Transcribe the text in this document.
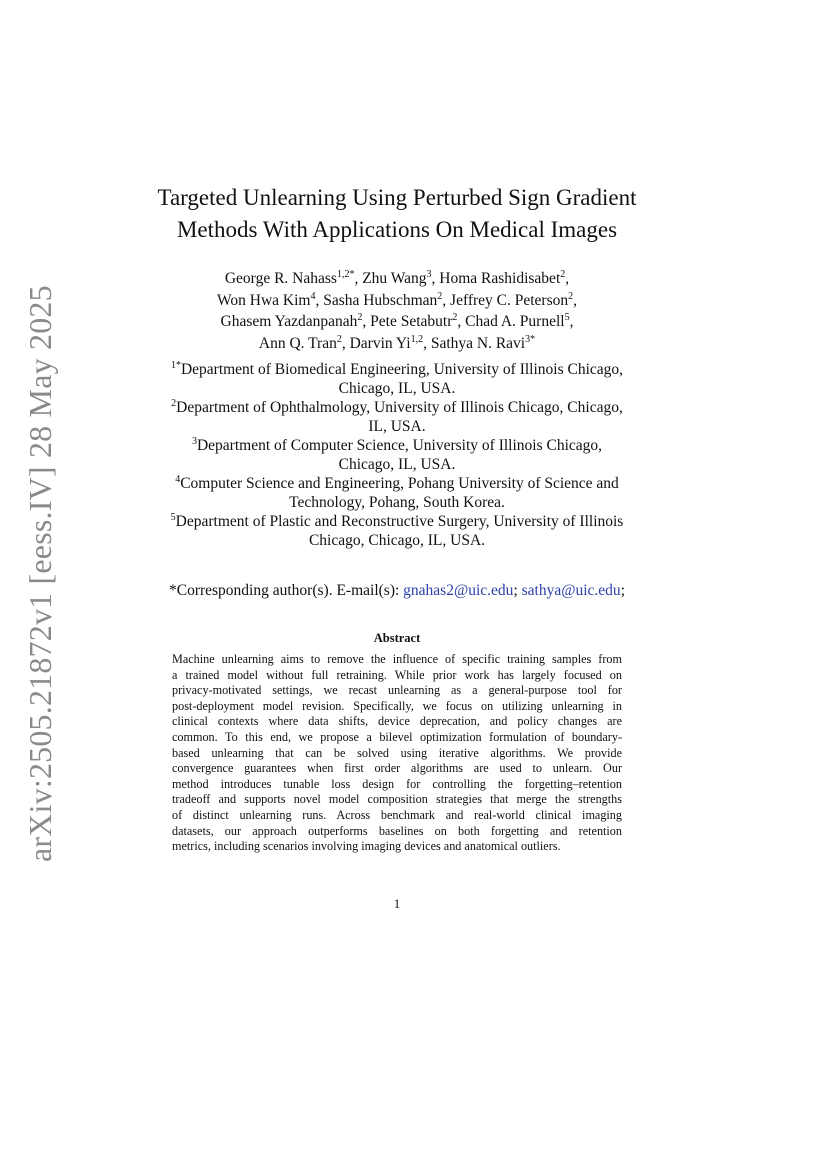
arXiv:2505.21872v1 [eess.IV] 28 May 2025
Targeted Unlearning Using Perturbed Sign Gradient
Methods With Applications On Medical Images
George R. Nahass$^{1,2*}$, Zhu Wang$^3$, Homa Rashidisabet$^2$,
Won Hwa Kim$^4$, Sasha Hubschman$^2$, Jeffrey C. Peterson$^2$,
Ghasem Yazdanpanah$^2$, Pete Setabutr$^2$, Chad A. Purnell$^5$,
Ann Q. Tran$^2$, Darvin Yi$^{1,2}$, Sathya N. Ravi$^{3*}$
$^{1*}$Department of Biomedical Engineering, University of Illinois Chicago,
Chicago, IL, USA.
$^2$Department of Ophthalmology, University of Illinois Chicago, Chicago,
IL, USA.
$^3$Department of Computer Science, University of Illinois Chicago,
Chicago, IL, USA.
$^4$Computer Science and Engineering, Pohang University of Science and
Technology, Pohang, South Korea.
$^5$Department of Plastic and Reconstructive Surgery, University of Illinois
Chicago, Chicago, IL, USA.
*Corresponding author(s). E-mail(s): gnahas2@uic.edu; sathya@uic.edu;
Abstract
Machine unlearning aims to remove the influence of specific training samples from
a trained model without full retraining. While prior work has largely focused on
privacy-motivated settings, we recast unlearning as a general-purpose tool for
post-deployment model revision. Specifically, we focus on utilizing unlearning in
clinical contexts where data shifts, device deprecation, and policy changes are
common. To this end, we propose a bilevel optimization formulation of boundary-
based unlearning that can be solved using iterative algorithms. We provide
convergence guarantees when first order algorithms are used to unlearn. Our
method introduces tunable loss design for controlling the forgetting–retention
tradeoff and supports novel model composition strategies that merge the strengths
of distinct unlearning runs. Across benchmark and real-world clinical imaging
datasets, our approach outperforms baselines on both forgetting and retention
metrics, including scenarios involving imaging devices and anatomical outliers.
1
